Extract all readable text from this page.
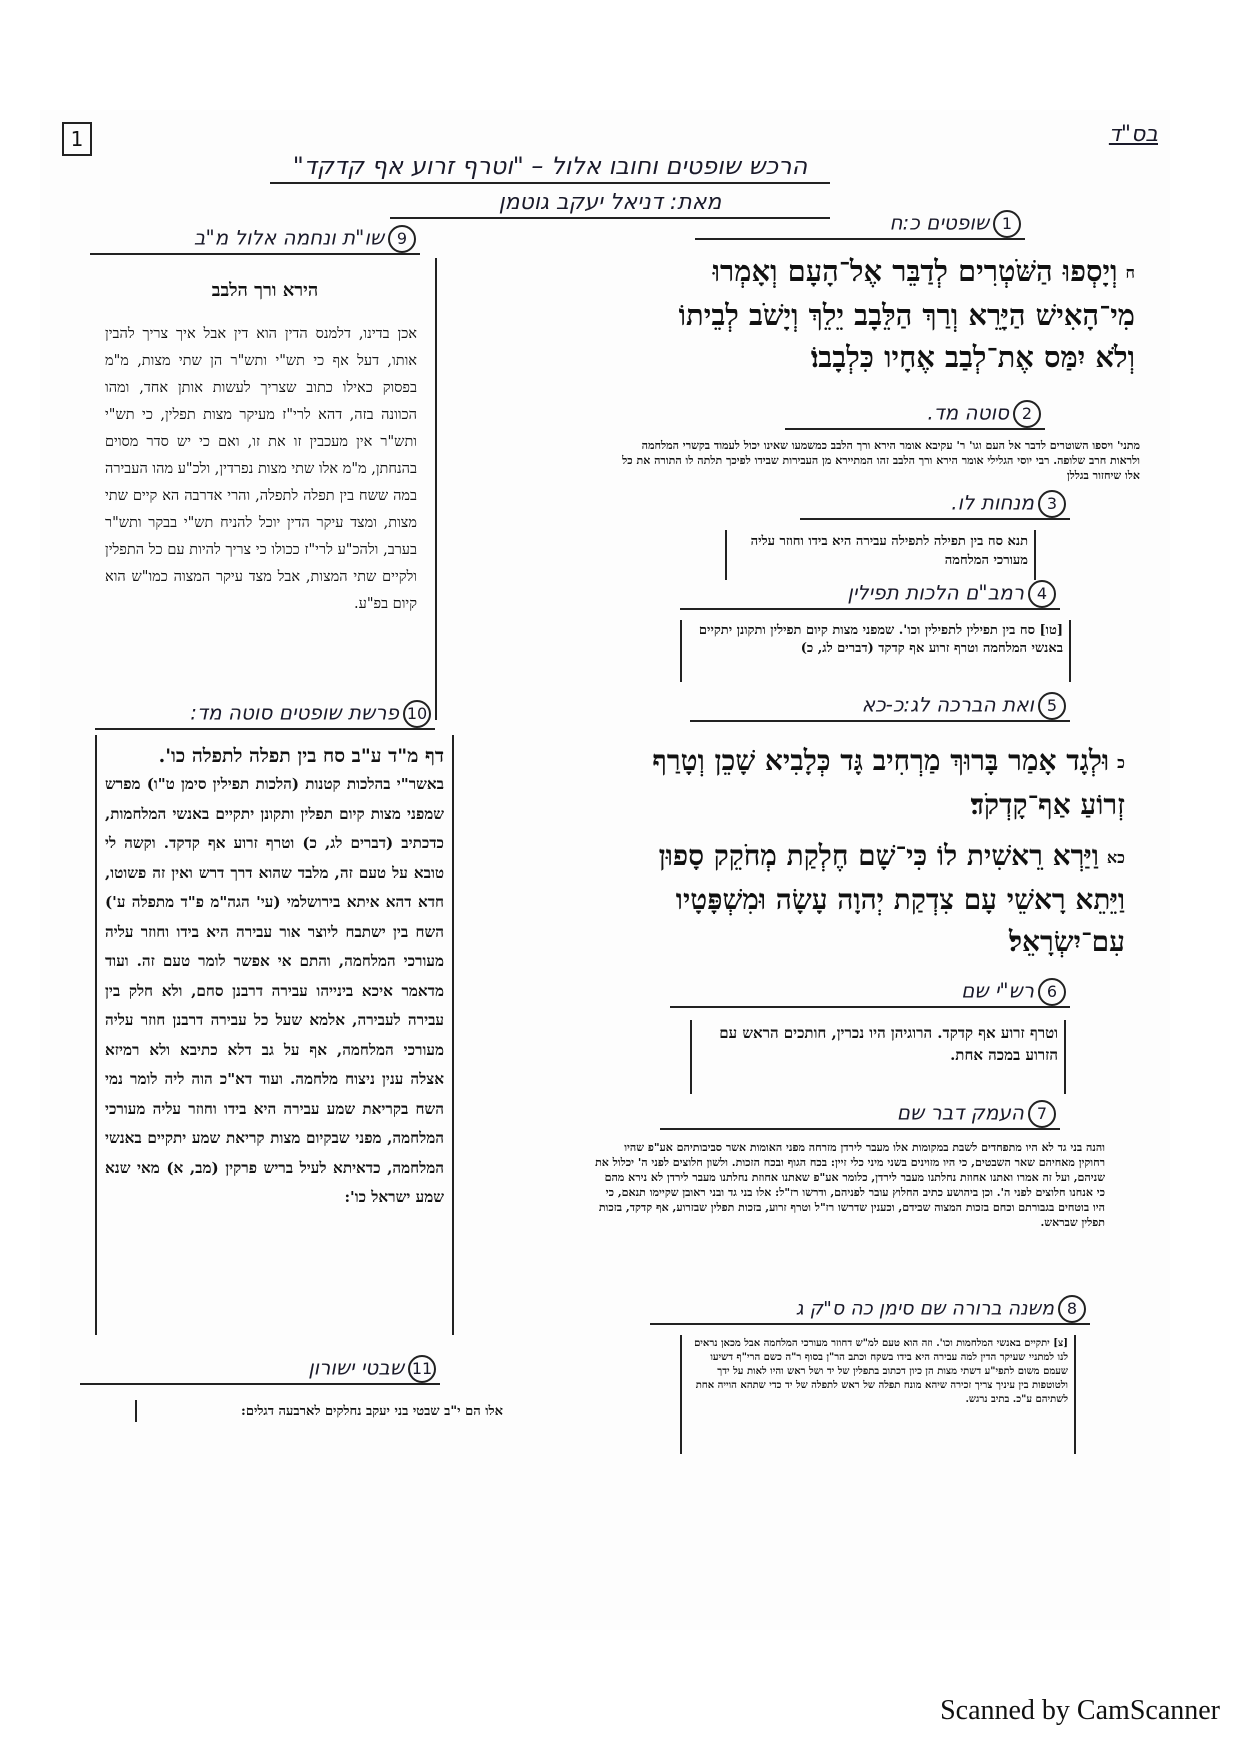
1	בס"ד
הרכש שופטים וחובו אלול – "וטרף זרוע אף קדקד"
מאת: דניאל יעקב גוטמן
1שופטים כ:ח
חוְיָסְפוּ הַשֹּׁטְרִים לְדַבֵּר אֶל־הָעָם וְאָמְרוּ מִי־הָאִישׁ הַיָּרֵא וְרַךְ הַלֵּבָב יֵלֵךְ וְיָשֹׁב לְבֵיתוֹ וְלֹא יִמַּס אֶת־לְבַב אֶחָיו כִּלְבָבוֹ׃
2סוטה מד.
מתני' ויספו השוטרים לדבר אל העם וגו' ר' עקיבא אומר הירא ורך הלבב כמשמעו שאינו יכול לעמוד בקשרי המלחמה ולראות חרב שלופה. רבי יוסי הגלילי אומר הירא ורך הלבב זהו המתיירא מן העבירות שבידו לפיכך תלתה לו התורה את כל אלו שיחזור בגללן
3מנחות לו.
תנא סח בין תפילה לתפילה עבירה היא בידו וחוזר עליה מעורכי המלחמה
4רמב"ם הלכות תפילין
[טו] סח בין תפילין לתפילין וכו'. שמפני מצות קיום תפילין ותקונן יתקיים באנשי המלחמה וטרף זרוע אף קדקד (דברים לג, כ)
5ואת הברכה לג:כ-כא
כוּלְגָד אָמַר בָּרוּךְ מַרְחִיב גָּד כְּלָבִיא שָׁכֵן וְטָרַף זְרוֹעַ אַף־קָדְקֹד׃
כאוַיַּרְא רֵאשִׁית לוֹ כִּי־שָׁם חֶלְקַת מְחֹקֵק סָפוּן וַיֵּתֵא רָאשֵׁי עָם צִדְקַת יְהוָה עָשָׂה וּמִשְׁפָּטָיו עִם־יִשְׂרָאֵל׃
6רש"י שם
וטרף זרוע אף קדקד. הרוגיהן היו נכרין, חותכים הראש עם הזרוע במכה אחת.
7העמק דבר שם
והנה בני גד לא היו מתפחדים לשבת במקומות אלו מעבר לירדן מזרחה מפני האומות אשר סביבותיהם אע"פ שהיו רחוקין מאחיהם שאר השבטים, כי היו מזוינים בשני מיני כלי זיין: בכח הגוף ובכח הזכות. ולשון חלוצים לפני ה' יכלול את שניהם, ועל זה אמרו ואתנו אחוזת נחלתנו מעבר לירדן, כלומר אע"פ שאתנו אחוזת נחלתנו מעבר לירדן לא נירא מהם כי אנחנו חלוצים לפני ה'. וכן ביהושע כתיב החלוץ עובר לפניהם, ודרשו רז"ל: אלו בני גד ובני ראובן שקיימו תנאם, כי היו בוטחים בגבורתם וכחם בזכות המצוה שבידם, וכענין שדרשו רז"ל וטרף זרוע, בזכות תפלין שבזרוע, אף קדקד, בזכות תפלין שבראש.
8משנה ברורה שם סימן כה ס"ק ג
[צ] יתקיים באנשי המלחמות וכו'. וזה הוא טעם למ"ש דחוזר מעורכי המלחמה אבל מכאן נראים לנו למתניי שעיקר הדין למה עבירה היא בידו בשקח וכתב הר"ן בסוף ר"ה כשם הרי"ף דשיעו שעמם משום לתפי"ע דשתי מצות הן כיון דכתוב בתפלין של יד ושל ראש והיו לאות על ידך ולטוטפות בין עיניך צריך זכירה שיהא מונח תפלה של ראש לתפלה של יד כדי שתהא הוייה אחת לשתיהם ע"כ. בתיב נרגש.
9שו"ת ונחמה אלול מ"ב
הירא ורך הלבב
אכן בדינו, דלמנס הדין הוא דין אבל איך צריך להבין אותו, דעל אף כי תש"י ותש"ר הן שתי מצות, מ"מ בפסוק כאילו כתוב שצריך לעשות אותן אחד, ומהו הכוונה בזה, דהא לרי"ז מעיקר מצות תפלין, כי תש"י ותש"ר אין מעכבין זו את זו, ואם כי יש סדר מסוים בהנחתן, מ"מ אלו שתי מצות נפרדין, ולכ"ע מהו העבירה במה ששח בין תפלה לתפלה, והרי אדרבה הא קיים שתי מצות, ומצד עיקר הדין יוכל להניח תש"י בבקר ותש"ר בערב, ולהכ"ע לרי"ז ככולו כי צריך להיות עם כל התפלין ולקיים שתי המצות, אבל מצד עיקר המצוה כמו"ש הוא קיום בפ"ע.
10פרשת שופטים סוטה מד:
דף מ"ד ע"ב סח בין תפלה לתפלה כו'.
באשר"י בהלכות קטנות (הלכות תפילין סימן ט"ו) מפרש שמפני מצות קיום תפלין ותקונן יתקיים באנשי המלחמות, כדכתיב (דברים לג, כ) וטרף זרוע אף קדקד. וקשה לי טובא על טעם זה, מלבד שהוא דרך דרש ואין זה פשוטו, חדא דהא איתא בירושלמי (עי' הגה"מ פ"ד מתפלה ע') השח בין ישתבח ליוצר אור עבירה היא בידו וחוזר עליה מעורכי המלחמה, והתם אי אפשר לומר טעם זה. ועוד מדאמר איכא בינייהו עבירה דרבנן סחם, ולא חלק בין עבירה לעבירה, אלמא שעל כל עבירה דרבנן חוזר עליה מעורכי המלחמה, אף על גב דלא כתיבא ולא רמיזא אצלה ענין ניצוח מלחמה. ועוד דא"כ הוה ליה לומר נמי השח בקריאת שמע עבירה היא בידו וחוזר עליה מעורכי המלחמה, מפני שבקיום מצות קריאת שמע יתקיים באנשי המלחמה, כדאיתא לעיל בריש פרקין (מב, א) מאי שנא שמע ישראל כו':
11שבטי ישורון
אלו הם י"ב שבטי בני יעקב נחלקים לארבעה דגלים:
Scanned by CamScanner
